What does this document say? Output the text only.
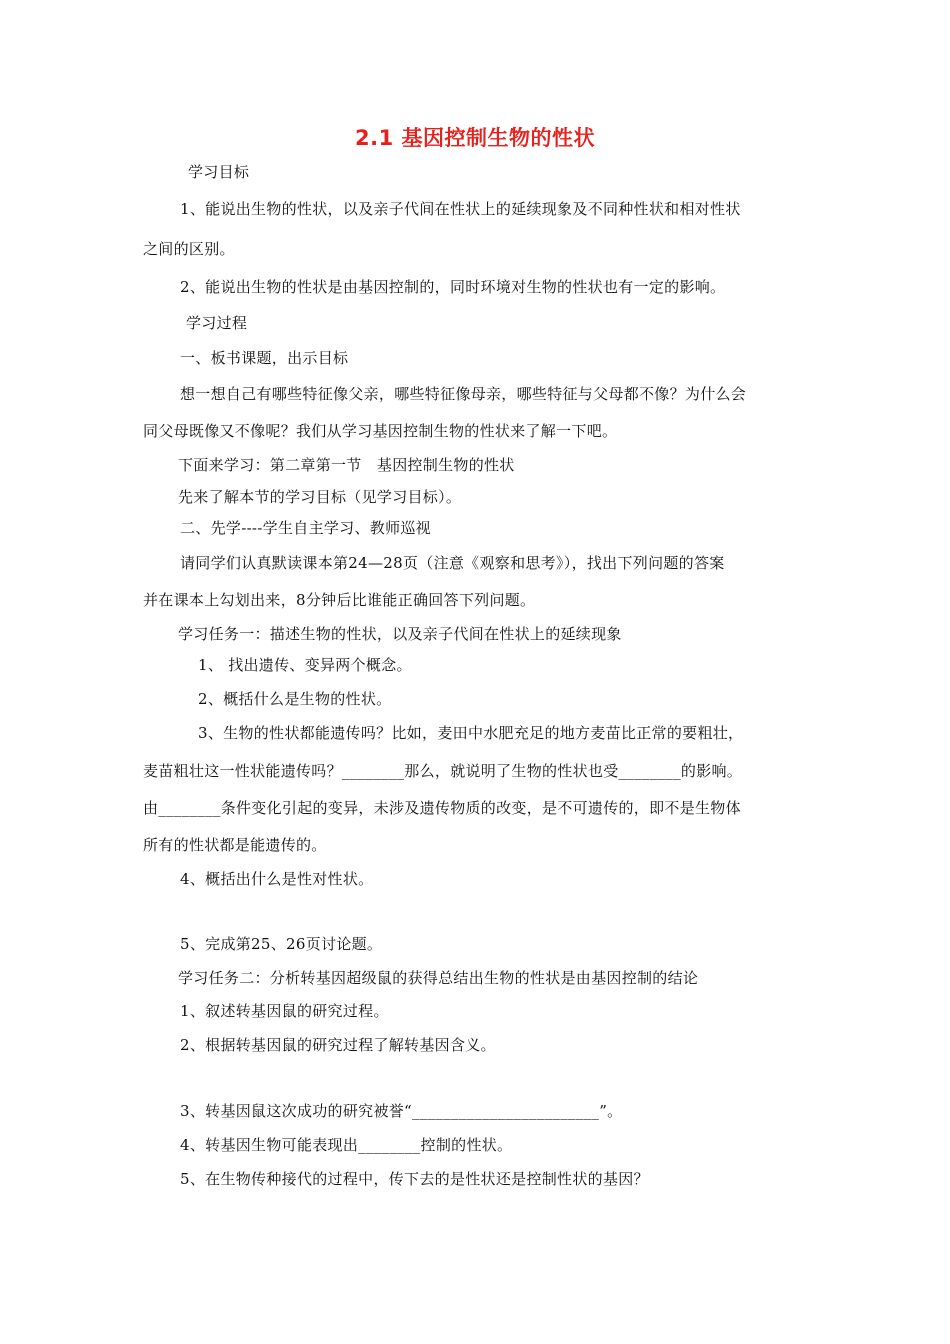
2.1 基因控制生物的性状
学习目标
1、能说出生物的性状，以及亲子代间在性状上的延续现象及不同种性状和相对性状
之间的区别。
2、能说出生物的性状是由基因控制的，同时环境对生物的性状也有一定的影响。
学习过程
一、板书课题，出示目标
想一想自己有哪些特征像父亲，哪些特征像母亲，哪些特征与父母都不像？为什么会
同父母既像又不像呢？我们从学习基因控制生物的性状来了解一下吧。
下面来学习：第二章第一节　基因控制生物的性状
先来了解本节的学习目标（见学习目标）。
二、先学----学生自主学习、教师巡视
请同学们认真默读课本第24—28页（注意《观察和思考》），找出下列问题的答案
并在课本上勾划出来，8分钟后比谁能正确回答下列问题。
学习任务一：描述生物的性状，以及亲子代间在性状上的延续现象
1、 找出遗传、变异两个概念。
2、概括什么是生物的性状。
3、生物的性状都能遗传吗？比如，麦田中水肥充足的地方麦苗比正常的要粗壮，
麦苗粗壮这一性状能遗传吗？________那么，就说明了生物的性状也受________的影响。
由________条件变化引起的变异，未涉及遗传物质的改变，是不可遗传的，即不是生物体
所有的性状都是能遗传的。
4、概括出什么是性对性状。
5、完成第25、26页讨论题。
学习任务二：分析转基因超级鼠的获得总结出生物的性状是由基因控制的结论
1、叙述转基因鼠的研究过程。
2、根据转基因鼠的研究过程了解转基因含义。
3、转基因鼠这次成功的研究被誉“________________________”。
4、转基因生物可能表现出________控制的性状。
5、在生物传种接代的过程中，传下去的是性状还是控制性状的基因？
